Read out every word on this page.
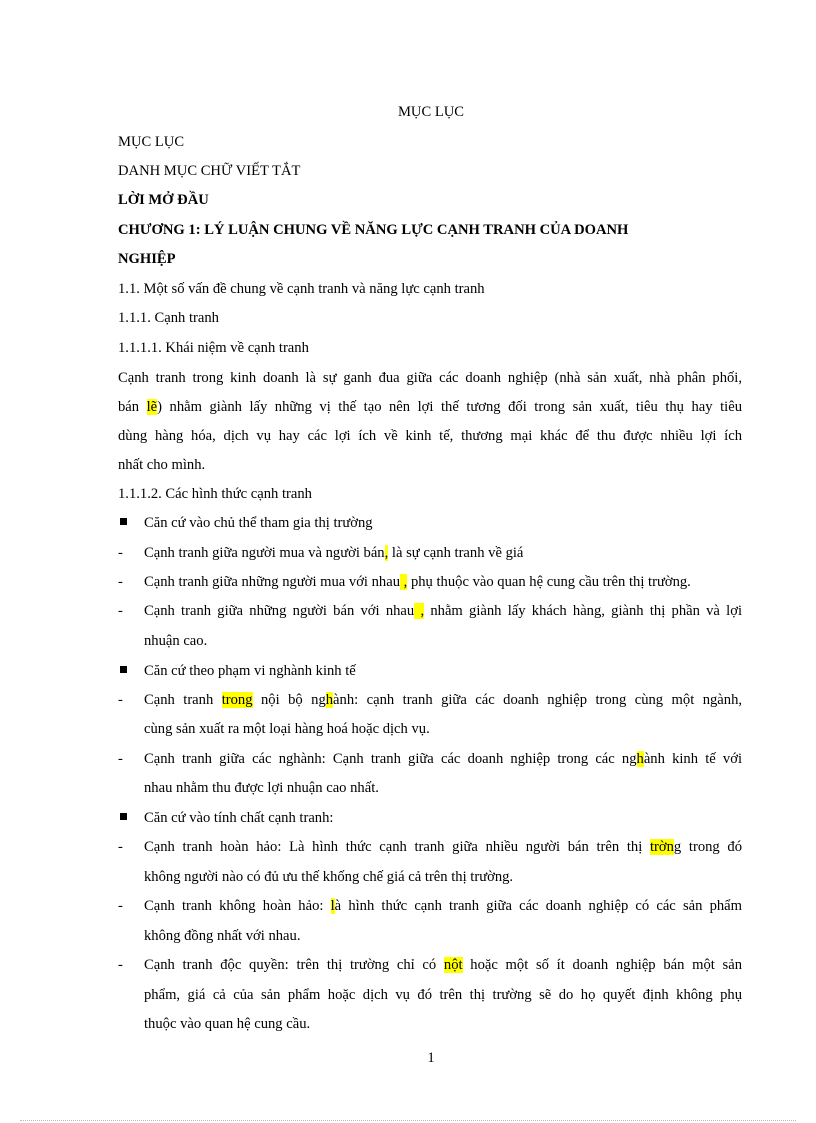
MỤC LỤC
MỤC LỤC
DANH MỤC CHỮ VIẾT TẮT
LỜI MỞ ĐẦU
CHƯƠNG 1: LÝ LUẬN CHUNG VỀ NĂNG LỰC CẠNH TRANH CỦA DOANH
NGHIỆP
1.1. Một số vấn đề chung về cạnh tranh và năng lực cạnh tranh
1.1.1. Cạnh tranh
1.1.1.1. Khái niệm về cạnh tranh
Cạnh tranh trong kinh doanh là sự ganh đua giữa các doanh nghiệp (nhà sản xuất, nhà phân phối,
bán lẽ) nhằm giành lấy những vị thế tạo nên lợi thế tương đối trong sản xuất, tiêu thụ hay tiêu
dùng hàng hóa, dịch vụ hay các lợi ích về kinh tế, thương mại khác để thu được nhiều lợi ích
nhất cho mình.
1.1.1.2. Các hình thức cạnh tranh
Căn cứ vào chủ thể tham gia thị trường
- Cạnh tranh giữa người mua và người bán, là sự cạnh tranh về giá
- Cạnh tranh giữa những người mua với nhau , phụ thuộc vào quan hệ cung cầu trên thị trường.
- Cạnh tranh giữa những người bán với nhau , nhằm giành lấy khách hàng, giành thị phần và lợi
nhuận cao.
Căn cứ theo phạm vi nghành kinh tế
- Cạnh tranh trong nội bộ nghành: cạnh tranh giữa các doanh nghiệp trong cùng một ngành,
cùng sản xuất ra một loại hàng hoá hoặc dịch vụ.
- Cạnh tranh giữa các nghành: Cạnh tranh giữa các doanh nghiệp trong các nghành kinh tế với
nhau nhằm thu được lợi nhuận cao nhất.
Căn cứ vào tính chất cạnh tranh:
- Cạnh tranh hoàn hảo: Là hình thức cạnh tranh giữa nhiều người bán trên thị trờng trong đó
không người nào có đủ ưu thế khống chế giá cả trên thị trường.
- Cạnh tranh không hoàn hảo: là hình thức cạnh tranh giữa các doanh nghiệp có các sản phẩm
không đồng nhất với nhau.
- Cạnh tranh độc quyền: trên thị trường chỉ có nột hoặc một số ít doanh nghiệp bán một sản
phẩm, giá cả của sản phẩm hoặc dịch vụ đó trên thị trường sẽ do họ quyết định không phụ
thuộc vào quan hệ cung cầu.
1
